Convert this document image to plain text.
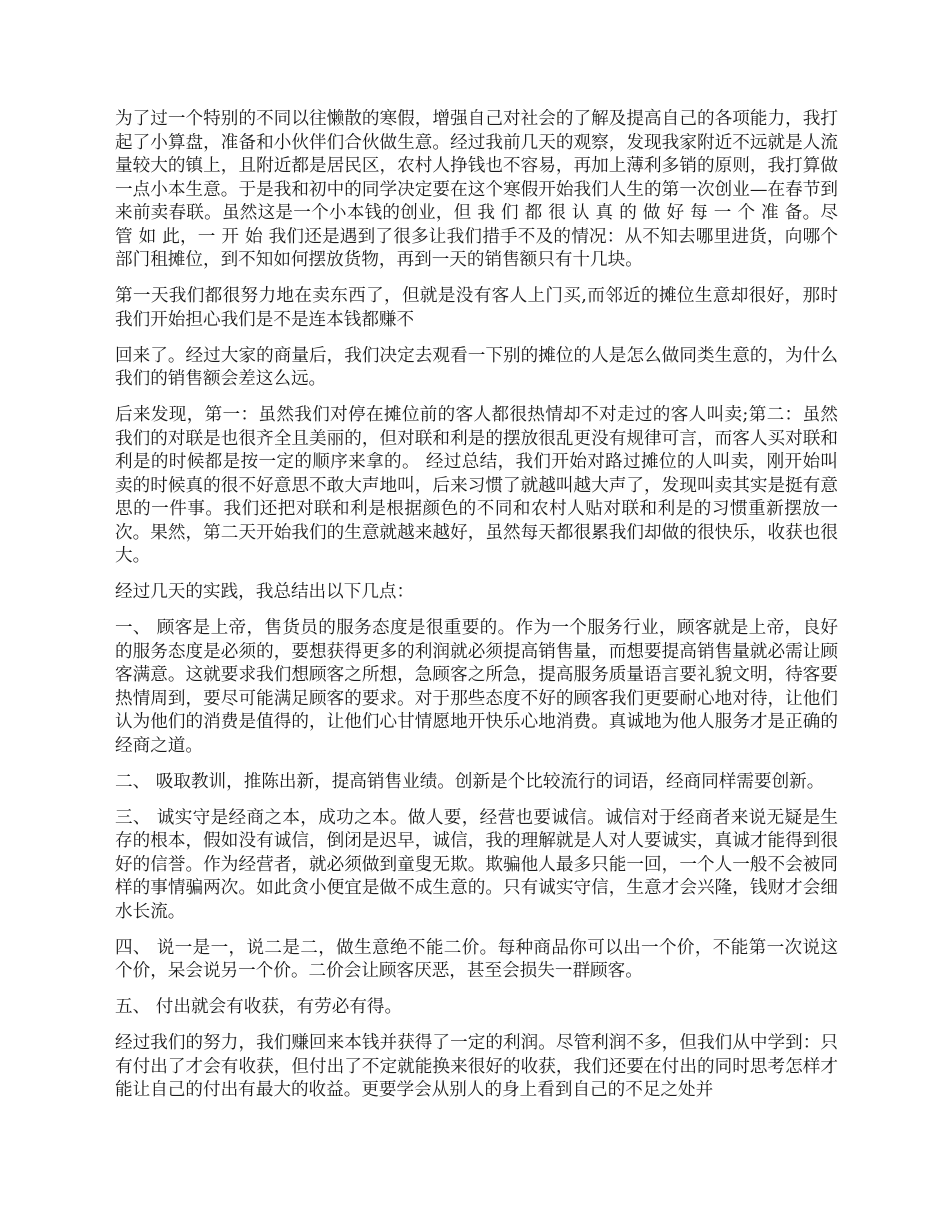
为了过一个特别的不同以往懒散的寒假，增强自己对社会的了解及提高自己的各项能力，我打起了小算盘，准备和小伙伴们合伙做生意。经过我前几天的观察，发现我家附近不远就是人流量较大的镇上，且附近都是居民区，农村人挣钱也不容易，再加上薄利多销的原则，我打算做一点小本生意。于是我和初中的同学决定要在这个寒假开始我们人生的第一次创业—在春节到来前卖春联。虽然这是一个小本钱的创业，但 我 们 都 很 认 真 的 做 好 每 一 个 准 备。尽 管 如 此，一 开 始 我们还是遇到了很多让我们措手不及的情况：从不知去哪里进货，向哪个部门租摊位，到不知如何摆放货物，再到一天的销售额只有十几块。

第一天我们都很努力地在卖东西了，但就是没有客人上门买,而邻近的摊位生意却很好，那时我们开始担心我们是不是连本钱都赚不

回来了。经过大家的商量后，我们决定去观看一下别的摊位的人是怎么做同类生意的，为什么我们的销售额会差这么远。

后来发现，第一：虽然我们对停在摊位前的客人都很热情却不对走过的客人叫卖;第二：虽然我们的对联是也很齐全且美丽的，但对联和利是的摆放很乱更没有规律可言，而客人买对联和利是的时候都是按一定的顺序来拿的。 经过总结，我们开始对路过摊位的人叫卖，刚开始叫卖的时候真的很不好意思不敢大声地叫，后来习惯了就越叫越大声了，发现叫卖其实是挺有意思的一件事。我们还把对联和利是根据颜色的不同和农村人贴对联和利是的习惯重新摆放一次。果然，第二天开始我们的生意就越来越好，虽然每天都很累我们却做的很快乐，收获也很大。

经过几天的实践，我总结出以下几点：

一、 顾客是上帝，售货员的服务态度是很重要的。作为一个服务行业，顾客就是上帝，良好的服务态度是必须的，要想获得更多的利润就必须提高销售量，而想要提高销售量就必需让顾客满意。这就要求我们想顾客之所想，急顾客之所急，提高服务质量语言要礼貌文明，待客要热情周到，要尽可能满足顾客的要求。对于那些态度不好的顾客我们更要耐心地对待，让他们认为他们的消费是值得的，让他们心甘情愿地开快乐心地消费。真诚地为他人服务才是正确的经商之道。

二、 吸取教训，推陈出新，提高销售业绩。创新是个比较流行的词语，经商同样需要创新。

三、 诚实守是经商之本，成功之本。做人要，经营也要诚信。诚信对于经商者来说无疑是生存的根本，假如没有诚信，倒闭是迟早，诚信，我的理解就是人对人要诚实，真诚才能得到很好的信誉。作为经营者，就必须做到童叟无欺。欺骗他人最多只能一回，一个人一般不会被同样的事情骗两次。如此贪小便宜是做不成生意的。只有诚实守信，生意才会兴隆，钱财才会细水长流。

四、 说一是一，说二是二，做生意绝不能二价。每种商品你可以出一个价，不能第一次说这个价，呆会说另一个价。二价会让顾客厌恶，甚至会损失一群顾客。

五、 付出就会有收获，有劳必有得。

经过我们的努力，我们赚回来本钱并获得了一定的利润。尽管利润不多，但我们从中学到：只有付出了才会有收获，但付出了不定就能换来很好的收获，我们还要在付出的同时思考怎样才能让自己的付出有最大的收益。更要学会从别人的身上看到自己的不足之处并
